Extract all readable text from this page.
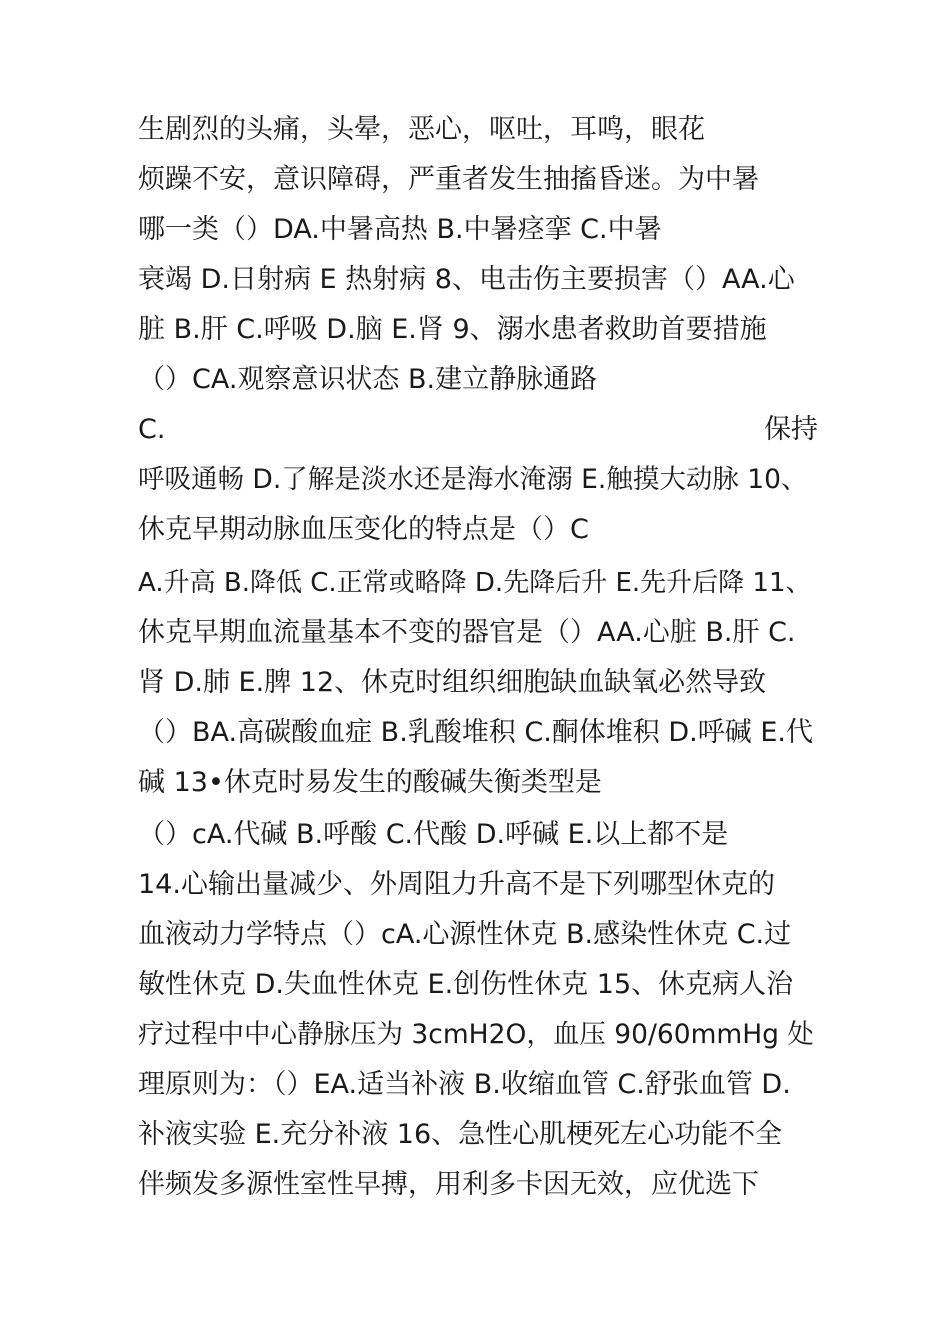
生剧烈的头痛，头晕，恶心，呕吐，耳鸣，眼花
烦躁不安，意识障碍，严重者发生抽搐昏迷。为中暑
哪一类（）DA.中暑高热 B.中暑痉挛 C.中暑
衰竭 D.日射病 E 热射病 8、电击伤主要损害（）AA.心
脏 B.肝 C.呼吸 D.脑 E.肾 9、溺水患者救助首要措施
（）CA.观察意识状态 B.建立静脉通路
C.	保持
呼吸通畅 D.了解是淡水还是海水淹溺 E.触摸大动脉 10、
休克早期动脉血压变化的特点是（）C
A.升高 B.降低 C.正常或略降 D.先降后升 E.先升后降 11、
休克早期血流量基本不变的器官是（）AA.心脏 B.肝 C.
肾 D.肺 E.脾 12、休克时组织细胞缺血缺氧必然导致
（）BA.高碳酸血症 B.乳酸堆积 C.酮体堆积 D.呼碱 E.代
碱 13•休克时易发生的酸碱失衡类型是
（）cA.代碱 B.呼酸 C.代酸 D.呼碱 E.以上都不是
14.心输出量减少、外周阻力升高不是下列哪型休克的
血液动力学特点（）cA.心源性休克 B.感染性休克 C.过
敏性休克 D.失血性休克 E.创伤性休克 15、休克病人治
疗过程中中心静脉压为 3cmH2O，血压 90/60mmHg 处
理原则为：（）EA.适当补液 B.收缩血管 C.舒张血管 D.
补液实验 E.充分补液 16、急性心肌梗死左心功能不全
伴频发多源性室性早搏，用利多卡因无效，应优选下
